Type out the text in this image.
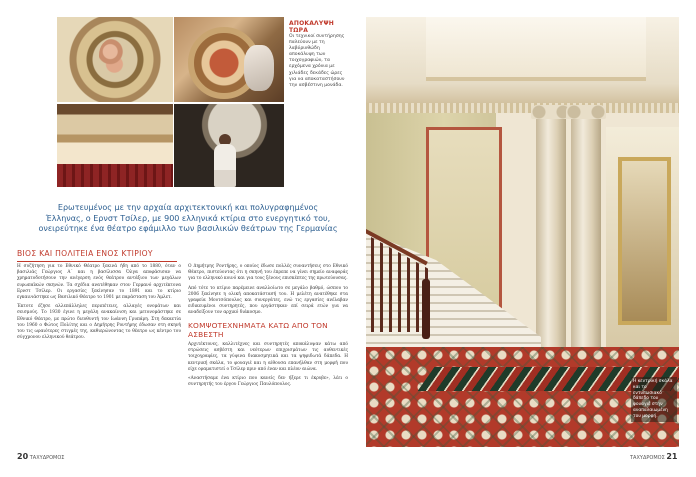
ΑΠΟΚΑΛΥΨΗ
ΤΩΡΑ
Οι τεχνικοί συντήρησης παλεύουν με τη λαβύρινθώδη αποκάλυψη των τοιχογραφιών, τα ερχόμενα χρόνια με χιλιάδες δεκάδες ώρες για να αποκαταστήσουν την ασβέστινη μονάδα.
Ερωτευμένος με την αρχαία αρχιτεκτονική και πολυγραφημένος Έλληνας, ο Ερνστ Τσίλερ, με 900 ελληνικά κτίρια στο ενεργητικό του, ονειρεύτηκε ένα θέατρο εφάμιλλο των βασιλικών θεάτρων της Γερμανίας
ΒΙΟΣ ΚΑΙ ΠΟΛΙΤΕΙΑ ΕΝΟΣ ΚΤΙΡΙΟΥ

Η συζήτηση για το Εθνικό Θέατρο ξεκινά ήδη από το 1880, όταν ο βασιλιάς Γεώργιος Α΄ και η βασίλισσα Όλγα αποφάσισαν να χρηματοδοτήσουν την ανέγερση ενός θεάτρου αντάξιου των μεγάλων ευρωπαϊκών σκηνών. Τα σχέδια ανατέθηκαν στον Γερμανό αρχιτέκτονα Ερνστ Τσίλερ. Οι εργασίες ξεκίνησαν το 1891 και το κτίριο εγκαινιάστηκε ως Βασιλικό Θέατρο το 1901 με παράσταση του Άμλετ.

Έκτοτε έζησε αλλεπάλληλες περιπέτειες, αλλαγές ονομάτων και σεισμούς. Το 1930 έγινε η μεγάλη ανακαίνιση και μετονομάστηκε σε Εθνικό Θέατρο, με πρώτο διευθυντή τον Ιωάννη Γρυπάρη. Στη δεκαετία του 1960 ο Φώτος Πολίτης και ο Δημήτρης Ροντήρης έδωσαν στη σκηνή του τις ωραιότερες στιγμές της, καθιερώνοντας το θέατρο ως κέντρο του σύγχρονου ελληνικού θεάτρου.

Ο Δημήτρης Ροντήρης, ο οποίος έδωσε πολλές συναντήσεις στο Εθνικό Θέατρο, πιστεύοντας ότι η σκηνή του έπρεπε να γίνει σημείο αναφοράς για το ελληνικό κοινό και για τους ξένους επισκέπτες της πρωτεύουσας.

Από τότε το κτίριο παρέμεινε αναλλοίωτο σε μεγάλο βαθμό, ώσπου το 2006 ξεκίνησε η ολική αποκατάστασή του. Η μελέτη ανατέθηκε στα γραφεία Μουτσόπουλος και συνεργάτες, ενώ τις εργασίες ανέλαβαν ειδικευμένοι συντηρητές, που εργάστηκαν επί σειρά ετών για να αναδείξουν τον αρχικό διάκοσμο.

ΚΟΜΨΟΤΕΧΝΗΜΑΤΑ ΚΑΤΩ ΑΠΟ ΤΟΝ ΑΣΒΕΣΤΗ

Αρχιτέκτονες, καλλιτέχνες και συντηρητές αποκάλυψαν κάτω από στρώσεις ασβέστη και νεότερων επιχρισμάτων τις αυθεντικές τοιχογραφίες, τα γύψινα διακοσμητικά και τα ψηφιδωτά δάπεδα. Η κεντρική σκάλα, το φουαγιέ και η αίθουσα επανήλθαν στη μορφή που είχε οραματιστεί ο Τσίλερ πριν από έναν και πλέον αιώνα.

«Αναστήσαμε ένα κτίριο που κανείς δεν ήξερε τι έκρυβε», λέει ο συντηρητής του έργου Γεώργιος Παυλόπουλος.

20 ΤΑΧΥΔΡΟΜΟΣ
Η κεντρική σκάλα και το εντυπωσιακό δάπεδο του φουαγιέ στην αναπαλαιωμένη του μορφή.
ΤΑΧΥΔΡΟΜΟΣ 21
